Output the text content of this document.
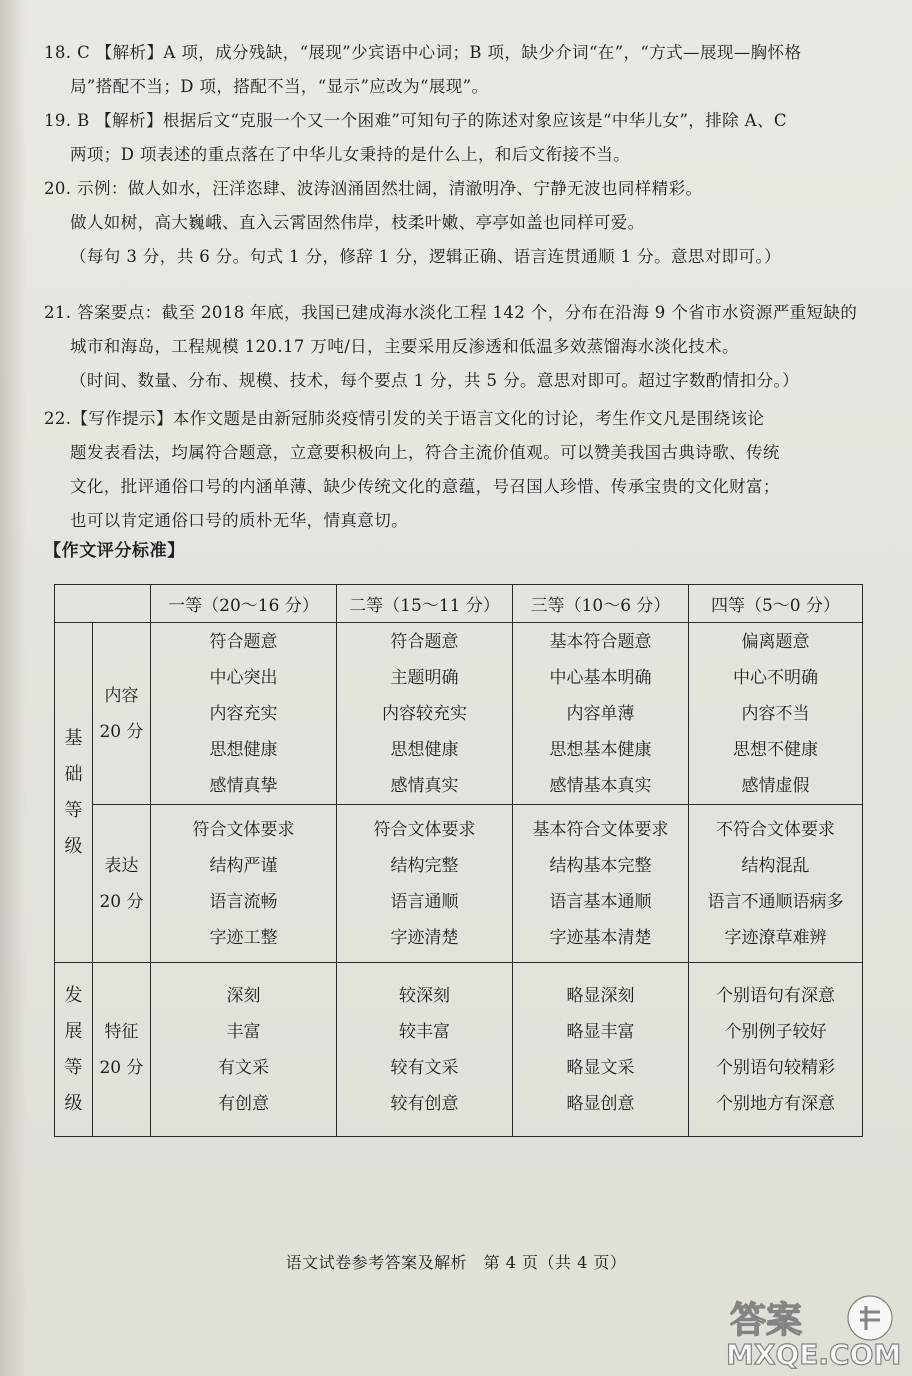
18. C 【解析】A 项，成分残缺，“展现”少宾语中心词；B 项，缺少介词“在”，“方式—展现—胸怀格
局”搭配不当；D 项，搭配不当，“显示”应改为“展现”。
19. B 【解析】根据后文“克服一个又一个困难”可知句子的陈述对象应该是“中华儿女”，排除 A、C
两项；D 项表述的重点落在了中华儿女秉持的是什么上，和后文衔接不当。
20. 示例：做人如水，汪洋恣肆、波涛汹涌固然壮阔，清澈明净、宁静无波也同样精彩。
做人如树，高大巍峨、直入云霄固然伟岸，枝柔叶嫩、亭亭如盖也同样可爱。
（每句 3 分，共 6 分。句式 1 分，修辞 1 分，逻辑正确、语言连贯通顺 1 分。意思对即可。）
21. 答案要点：截至 2018 年底，我国已建成海水淡化工程 142 个，分布在沿海 9 个省市水资源严重短缺的
城市和海岛，工程规模 120.17 万吨/日，主要采用反渗透和低温多效蒸馏海水淡化技术。
（时间、数量、分布、规模、技术，每个要点 1 分，共 5 分。意思对即可。超过字数酌情扣分。）
22.【写作提示】本作文题是由新冠肺炎疫情引发的关于语言文化的讨论，考生作文凡是围绕该论
题发表看法，均属符合题意，立意要积极向上，符合主流价值观。可以赞美我国古典诗歌、传统
文化，批评通俗口号的内涵单薄、缺少传统文化的意蕴，号召国人珍惜、传承宝贵的文化财富；
也可以肯定通俗口号的质朴无华，情真意切。
【作文评分标准】
		一等（20～16 分）	二等（15～11 分）	三等（10～6 分）	四等（5～0 分）

基
础
等
级	内容
20 分	符合题意
中心突出
内容充实
思想健康
感情真挚	符合题意
主题明确
内容较充实
思想健康
感情真实	基本符合题意
中心基本明确
内容单薄
思想基本健康
感情基本真实	偏离题意
中心不明确
内容不当
思想不健康
感情虚假

	表达
20 分	符合文体要求
结构严谨
语言流畅
字迹工整	符合文体要求
结构完整
语言通顺
字迹清楚	基本符合文体要求
结构基本完整
语言基本通顺
字迹基本清楚	不符合文体要求
结构混乱
语言不通顺语病多
字迹潦草难辨

发
展
等
级	特征
20 分	深刻
丰富
有文采
有创意	较深刻
较丰富
较有文采
较有创意	略显深刻
略显丰富
略显文采
略显创意	个别语句有深意
个别例子较好
个别语句较精彩
个别地方有深意
语文试卷参考答案及解析　第 4 页（共 4 页）
答案
MXQE.COM
